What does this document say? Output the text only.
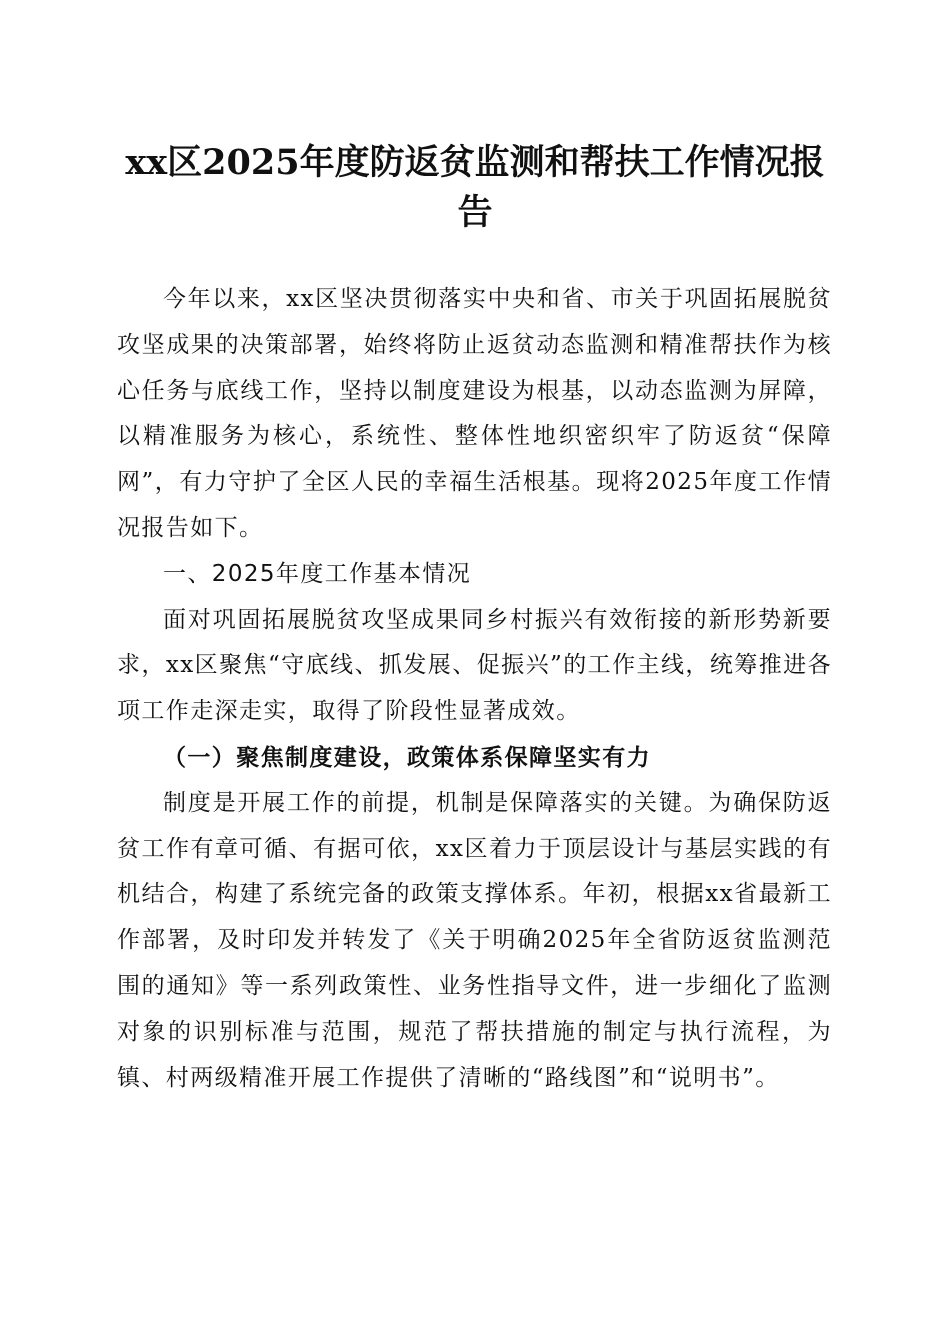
xx区2025年度防返贫监测和帮扶工作情况报告

今年以来，xx区坚决贯彻落实中央和省、市关于巩固拓展脱贫攻坚成果的决策部署，始终将防止返贫动态监测和精准帮扶作为核心任务与底线工作，坚持以制度建设为根基，以动态监测为屏障，以精准服务为核心，系统性、整体性地织密织牢了防返贫“保障网”，有力守护了全区人民的幸福生活根基。现将2025年度工作情况报告如下。

一、2025年度工作基本情况

面对巩固拓展脱贫攻坚成果同乡村振兴有效衔接的新形势新要求，xx区聚焦“守底线、抓发展、促振兴”的工作主线，统筹推进各项工作走深走实，取得了阶段性显著成效。

（一）聚焦制度建设，政策体系保障坚实有力

制度是开展工作的前提，机制是保障落实的关键。为确保防返贫工作有章可循、有据可依，xx区着力于顶层设计与基层实践的有机结合，构建了系统完备的政策支撑体系。年初，根据xx省最新工作部署，及时印发并转发了《关于明确2025年全省防返贫监测范围的通知》等一系列政策性、业务性指导文件，进一步细化了监测对象的识别标准与范围，规范了帮扶措施的制定与执行流程，为镇、村两级精准开展工作提供了清晰的“路线图”和“说明书”。
